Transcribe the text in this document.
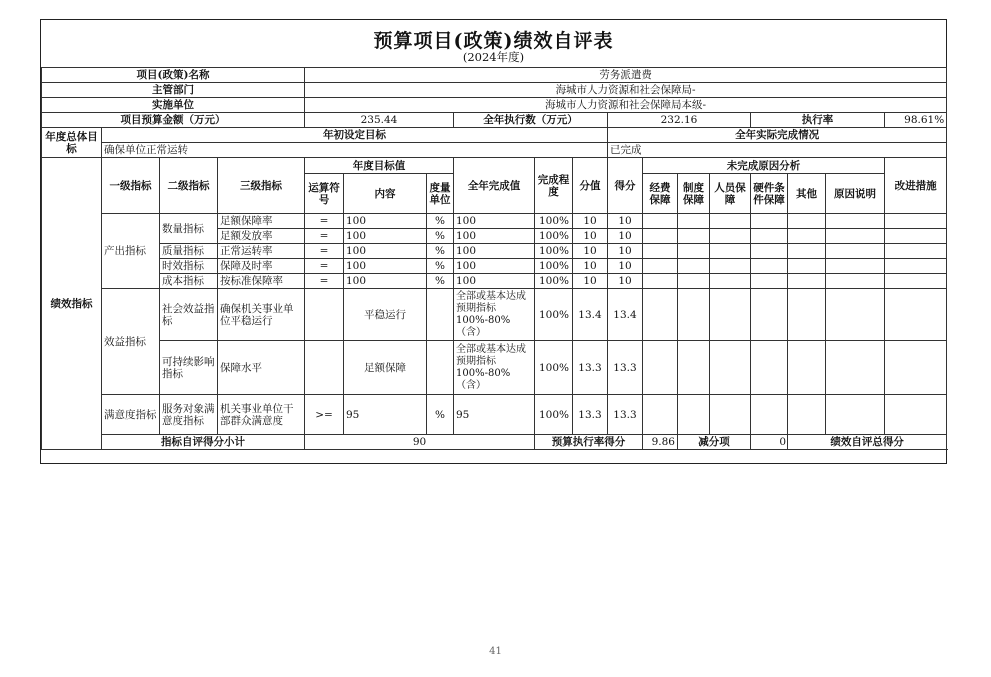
预算项目(政策)绩效自评表
(2024年度)
项目(政策)名称				劳务派遣费														
主管部门				海城市人力资源和社会保障局-														
实施单位				海城市人力资源和社会保障局本级-														
项目预算金额（万元）				235.44			全年执行数（万元）			232.16				执行率			98.61%	
年度总体目标	年初设定目标									全年实际完成情况								
	确保单位正常运转									已完成								
绩效指标	一级指标	二级指标	三级指标	年度目标值			全年完成值	完成程度	分值	得分	未完成原因分析						改进措施	
				运算符号	内容	度量单位					经费保障	制度保障	人员保障	硬件条件保障	其他	原因说明		
	产出指标	数量指标	足额保障率	=	100	%	100	100%	10	10								
			足额发放率	=	100	%	100	100%	10	10								
		质量指标	正常运转率	=	100	%	100	100%	10	10								
		时效指标	保障及时率	=	100	%	100	100%	10	10								
		成本指标	按标准保障率	=	100	%	100	100%	10	10								
	效益指标	社会效益指标	确保机关事业单位平稳运行		平稳运行		全部或基本达成预期指标100%-80%（含）	100%	13.4	13.4								
		可持续影响指标	保障水平		足额保障		全部或基本达成预期指标100%-80%（含）	100%	13.3	13.3								
	满意度指标	服务对象满意度指标	机关事业单位干部群众满意度	>=	95	%	95	100%	13.3	13.3								
	指标自评得分小计			90				预算执行率得分			9.86	减分项		0	绩效自评总得分	
41
